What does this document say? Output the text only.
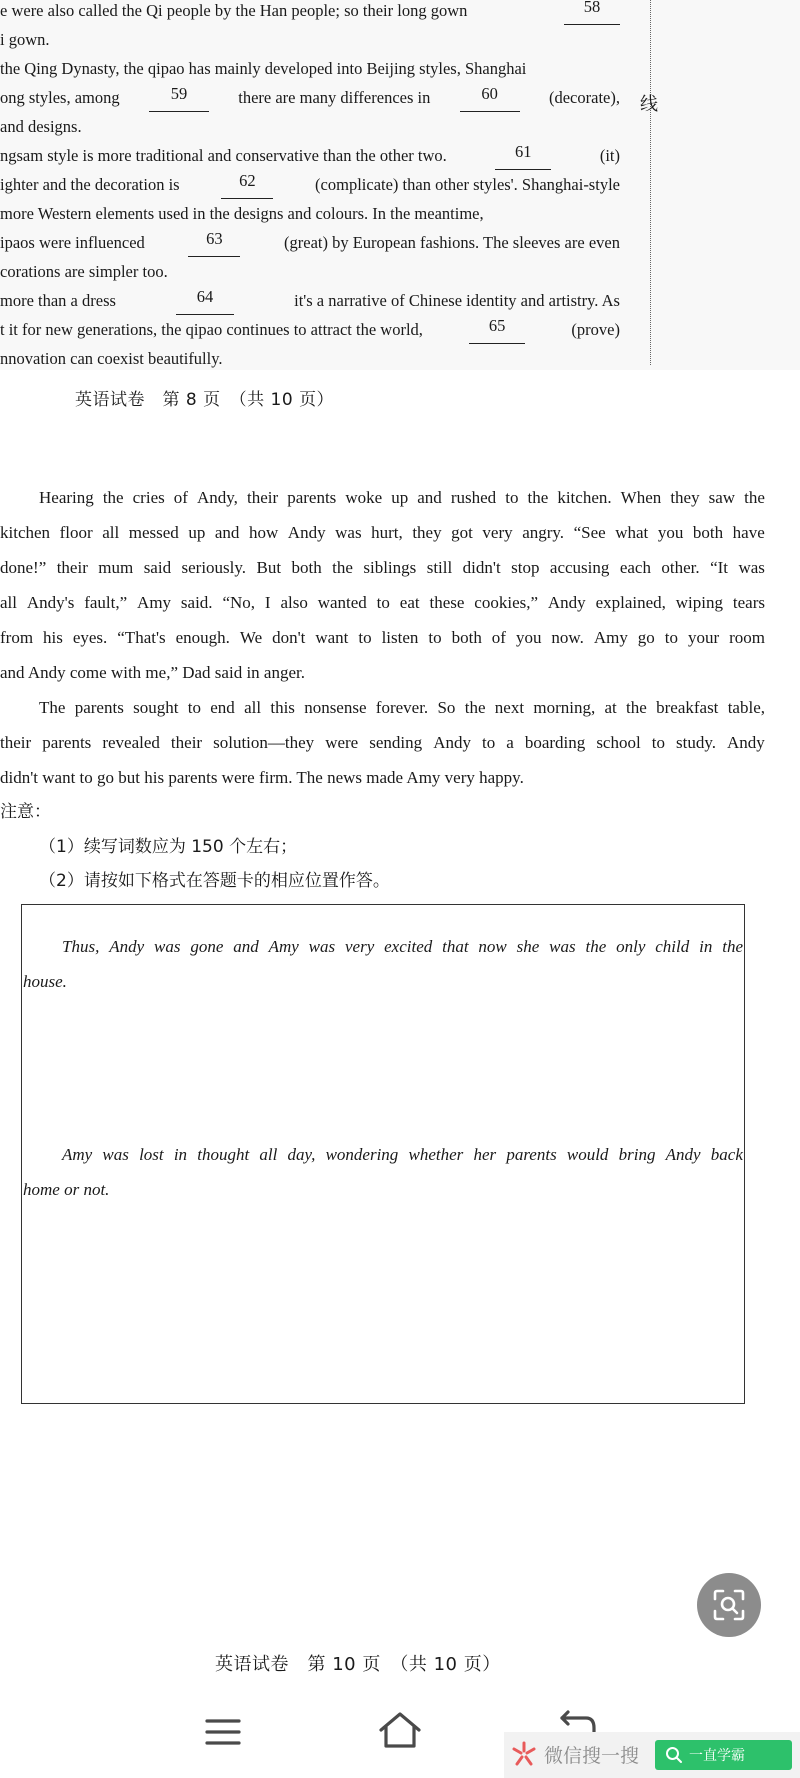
e were also called the Qi people by the Han people; so their long gown	58
i gown.
the Qing Dynasty, the qipao has mainly developed into Beijing styles, Shanghai
ong styles, among	59	there are many differences in	60	(decorate),
and designs.
ngsam style is more traditional and conservative than the other two.	61	(it)
ighter and the decoration is	62	(complicate) than other styles'. Shanghai-style
more Western elements used in the designs and colours. In the meantime,
ipaos were influenced	63	(great) by European fashions. The sleeves are even
corations are simpler too.
more than a dress	64	it's a narrative of Chinese identity and artistry. As
t it for new generations, the qipao continues to attract the world,	65	(prove)
nnovation can coexist beautifully.
线
英语试卷　第 8 页　（共 10 页）
Hearing the cries of Andy, their parents woke up and rushed to the kitchen. When they saw the
kitchen floor all messed up and how Andy was hurt, they got very angry. “See what you both have
done!” their mum said seriously. But both the siblings still didn't stop accusing each other. “It was
all Andy's fault,” Amy said. “No, I also wanted to eat these cookies,” Andy explained, wiping tears
from his eyes. “That's enough. We don't want to listen to both of you now. Amy go to your room
and Andy come with me,” Dad said in anger.
The parents sought to end all this nonsense forever. So the next morning, at the breakfast table,
their parents revealed their solution—they were sending Andy to a boarding school to study. Andy
didn't want to go but his parents were firm. The news made Amy very happy.
注意：
（1）续写词数应为 150 个左右；
（2）请按如下格式在答题卡的相应位置作答。
Thus, Andy was gone and Amy was very excited that now she was the only child in the
house.
Amy was lost in thought all day, wondering whether her parents would bring Andy back
home or not.
英语试卷　第 10 页　（共 10 页）
微信搜一搜	一直学霸
